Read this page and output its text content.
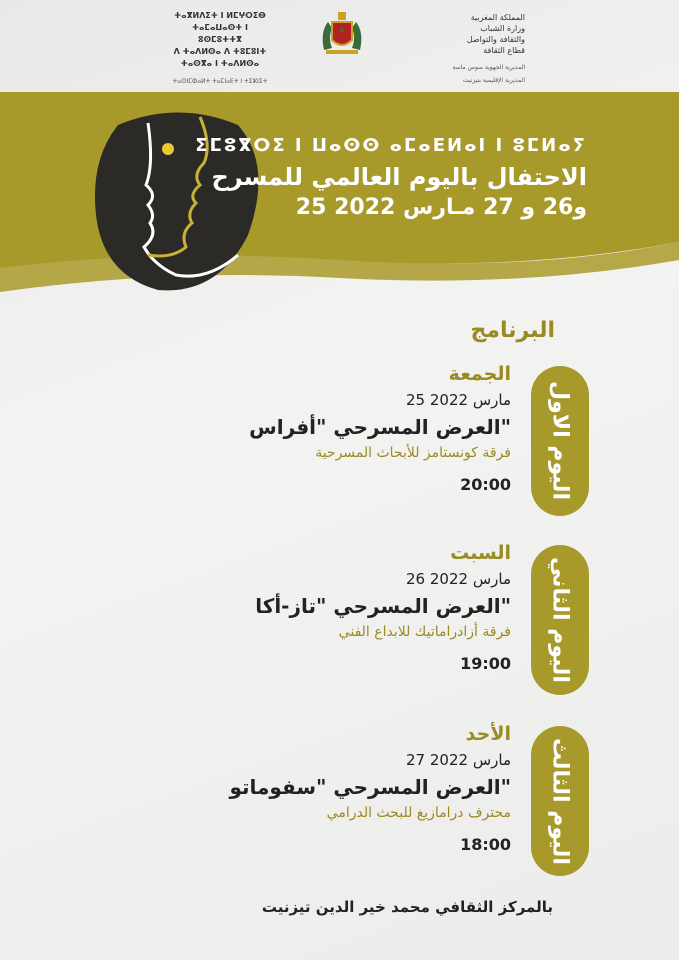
ⵜⴰⴳⵍⴷⵉⵜ ⵏ ⵍⵎⵖⵔⵉⴱ
ⵜⴰⵎⴰⵡⴰⵙⵜ ⵏ ⵓⵙⵎⵓⵜⵜⴳ
ⴷ ⵜⴰⴷⵍⵙⴰ ⴷ ⵜⵓⵎⵓⵏⵜ
ⵜⴰⵙⴳⴰ ⵏ ⵜⴰⴷⵍⵙⴰ
ⵜⴰⵙⵏⵎⵀⴰⵍⵜ ⵜⴰⵎⵏⴰⴹⵜ ⵏ ⵜⵉⵣⵏⵉⵜ
المملكة المغربية
وزارة الشباب
والثقافة والتواصل
قطاع الثقافة
المديرية الجهوية سوس ماسة
المديرية الإقليمية بتيزنيت
ⵉⵎⵓⴳⵔⵉ ⵏ ⵡⴰⵙⵙ ⴰⵎⴰⴹⵍⴰⵏ ⵏ ⵓⵎⵍⴰⵢ
الاحتفال باليوم العالمي للمسرح
25 و26 و 27 مـارس 2022
البرنامج
اليوم الاول
الجمعة
25 مارس 2022
العرض المسرحي "أفراس"
فرقة كونستامز للأبحاث المسرحية
20:00
اليوم الثاني
السبت
26 مارس 2022
العرض المسرحي "تاز-أكا"
فرقة أزادراماتيك للابداع الفني
19:00
اليوم الثالث
الأحد
27 مارس 2022
العرض المسرحي "سفوماتو"
محترف درامازيغ للبحث الدرامي
18:00
بالمركز الثقافي محمد خير الدين تيزنيت
